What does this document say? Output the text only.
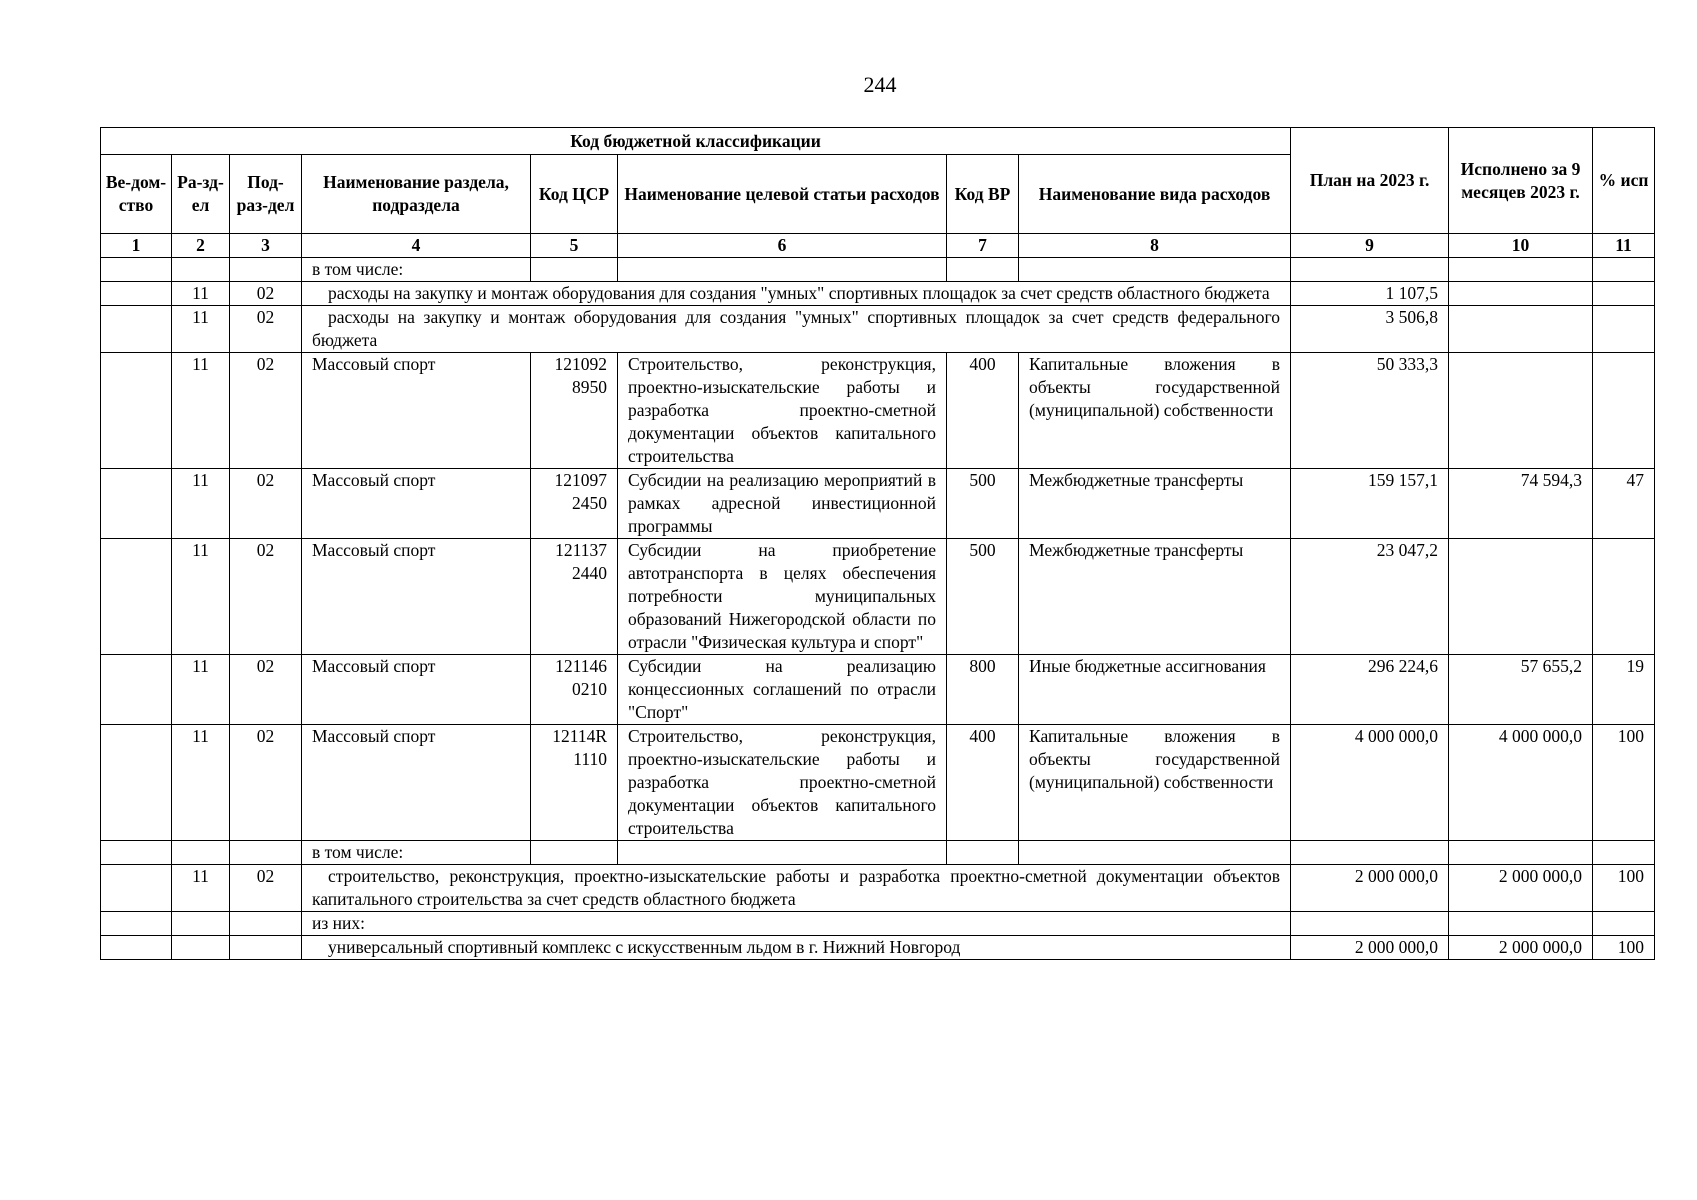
244
Код бюджетной классификации								План на 2023 г.	Исполнено за 9 месяцев 2023 г.	% исп
Ве-дом-ство	Ра-зд-ел	Под-раз-дел	Наименование раздела, подраздела	Код ЦСР	Наименование целевой статьи расходов	Код ВР	Наименование вида расходов			
1	2	3	4	5	6	7	8	9	10	11
			в том числе:							
	11	02	расходы на закупку и монтаж оборудования для создания "умных" спортивных площадок за счет средств областного бюджета					1 107,5		
	11	02	расходы на закупку и монтаж оборудования для создания "умных" спортивных площадок за счет средств федерального бюджета					3 506,8		
	11	02	Массовый спорт	121092 8950	Строительство, реконструкция, проектно-изыскательские работы и разработка проектно-сметной документации объектов капитального строительства	400	Капитальные вложения в объекты государственной (муниципальной) собственности	50 333,3		
	11	02	Массовый спорт	121097 2450	Субсидии на реализацию мероприятий в рамках адресной инвестиционной программы	500	Межбюджетные трансферты	159 157,1	74 594,3	47
	11	02	Массовый спорт	121137 2440	Субсидии на приобретение автотранспорта в целях обеспечения потребности муниципальных образований Нижегородской области по отрасли "Физическая культура и спорт"	500	Межбюджетные трансферты	23 047,2		
	11	02	Массовый спорт	121146 0210	Субсидии на реализацию концессионных соглашений по отрасли "Спорт"	800	Иные бюджетные ассигнования	296 224,6	57 655,2	19
	11	02	Массовый спорт	12114R 1110	Строительство, реконструкция, проектно-изыскательские работы и разработка проектно-сметной документации объектов капитального строительства	400	Капитальные вложения в объекты государственной (муниципальной) собственности	4 000 000,0	4 000 000,0	100
			в том числе:							
	11	02	строительство, реконструкция, проектно-изыскательские работы и разработка проектно-сметной документации объектов капитального строительства за счет средств областного бюджета					2 000 000,0	2 000 000,0	100
			из них:							
			универсальный спортивный комплекс с искусственным льдом в г. Нижний Новгород					2 000 000,0	2 000 000,0	100
